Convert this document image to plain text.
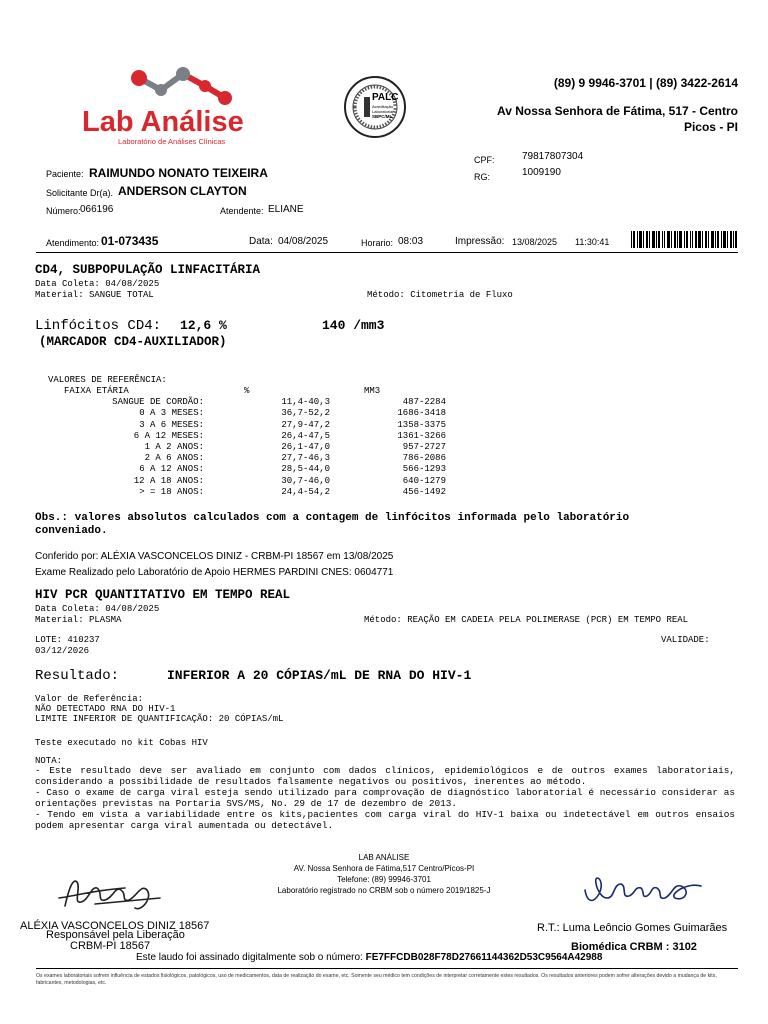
Lab Análise
Laboratório de Análises Clínicas
PALC
Acreditação
Laboratorial
SBPC/ML
(89) 9 9946-3701 | (89) 3422-2614
Av Nossa Senhora de Fátima, 517 - Centro
Picos - PI
Paciente: RAIMUNDO NONATO TEIXEIRA
Solicitante Dr(a). ANDERSON CLAYTON
Número: 066196	Atendente: ELIANE
CPF:	79817807304
RG:	1009190
Atendimento: 01-073435	Data: 04/08/2025	Horario: 08:03	Impressão: 13/08/2025 11:30:41
CD4, SUBPOPULAÇÃO LINFACITÁRIA
Data Coleta: 04/08/2025
Material: SANGUE TOTAL	Método: Citometria de Fluxo
Linfócitos CD4: 12,6 %	140 /mm3
(MARCADOR CD4-AUXILIADOR)
VALORES DE REFERÊNCIA:
FAIXA ETÁRIA	%	MM3
SANGUE DE CORDÃO:	11,4-40,3	487-2284
0 A 3 MESES:	36,7-52,2	1686-3418
3 A 6 MESES:	27,9-47,2	1358-3375
6 A 12 MESES:	26,4-47,5	1361-3266
1 A 2 ANOS:	26,1-47,0	957-2727
2 A 6 ANOS:	27,7-46,3	786-2086
6 A 12 ANOS:	28,5-44,0	566-1293
12 A 18 ANOS:	30,7-46,0	640-1279
> = 18 ANOS:	24,4-54,2	456-1492
Obs.: valores absolutos calculados com a contagem de linfócitos informada pelo laboratório
conveniado.
Conferido por: ALÉXIA VASCONCELOS DINIZ - CRBM-PI 18567 em 13/08/2025
Exame Realizado pelo Laboratório de Apoio HERMES PARDINI CNES: 0604771
HIV PCR QUANTITATIVO EM TEMPO REAL
Data Coleta: 04/08/2025
Material: PLASMA	Método: REAÇÃO EM CADEIA PELA POLIMERASE (PCR) EM TEMPO REAL
LOTE: 410237	VALIDADE:
03/12/2026
Resultado:	INFERIOR A 20 CÓPIAS/mL DE RNA DO HIV-1
Valor de Referência:
NÃO DETECTADO RNA DO HIV-1
LIMITE INFERIOR DE QUANTIFICAÇÃO: 20 CÓPIAS/mL
Teste executado no kit Cobas HIV
NOTA:
- Este resultado deve ser avaliado em conjunto com dados clínicos, epidemiológicos e de outros exames laboratoriais, considerando a possibilidade de resultados falsamente negativos ou positivos, inerentes ao método.
- Caso o exame de carga viral esteja sendo utilizado para comprovação de diagnóstico laboratorial é necessário considerar as orientações previstas na Portaria SVS/MS, No. 29 de 17 de dezembro de 2013.
- Tendo em vista a variabilidade entre os kits,pacientes com carga viral do HIV-1 baixa ou indetectável em outros ensaios podem apresentar carga viral aumentada ou detectável.
LAB ANÁLISE
AV. Nossa Senhora de Fátima,517 Centro/Picos-PI
Telefone: (89) 99946-3701
Laboratório registrado no CRBM sob o número 2019/1825-J
ALÉXIA VASCONCELOS DINIZ 18567
Responsável pela Liberação
CRBM-PI 18567
R.T.: Luma Leôncio Gomes Guimarães
Biomédica CRBM : 3102
Este laudo foi assinado digitalmente sob o número: FE7FFCDB028F78D27661144362D53C9564A42988
Os exames laboratoriais sofrem influência de estados fisiológicos, patológicos, uso de medicamentos, data de realização do exame, etc. Somente seu médico tem condições de interpretar corretamente estes resultados. Os resultados anteriores podem sofrer alterações devido a mudança de kits, fabricantes, metodologias, etc.
